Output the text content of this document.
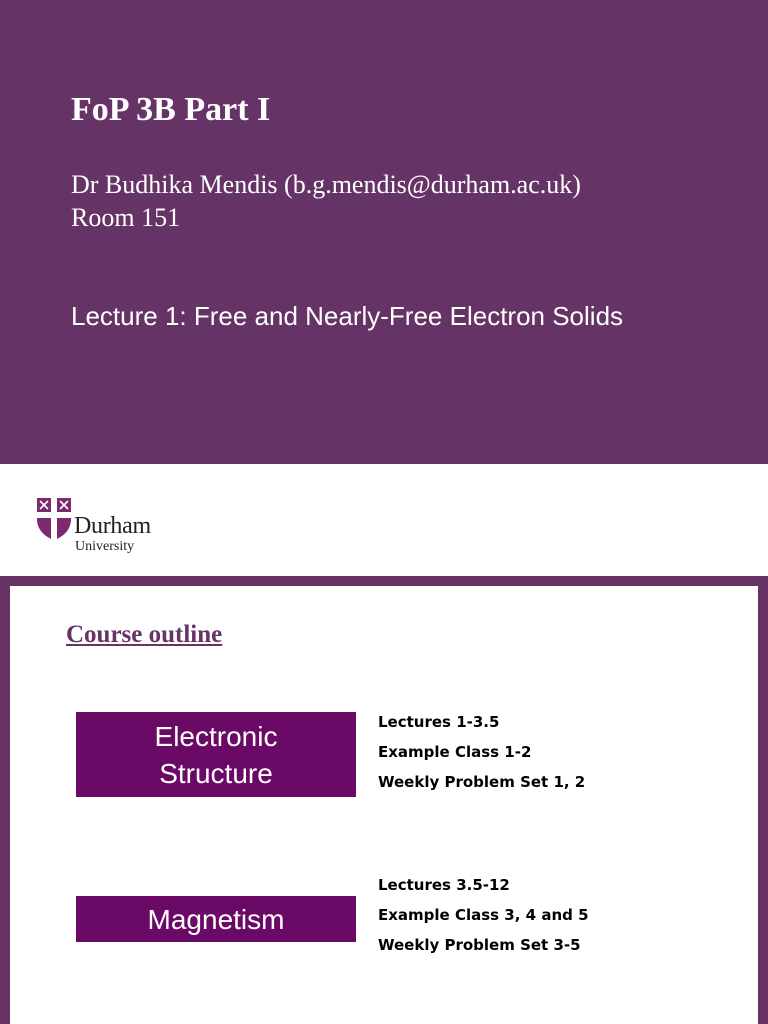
FoP 3B Part I
Dr Budhika Mendis (b.g.mendis@durham.ac.uk)
Room 151
Lecture 1: Free and Nearly-Free Electron Solids
Durham
University
Course outline
Electronic
Structure
Lectures 1-3.5
Example Class 1-2
Weekly Problem Set 1, 2
Magnetism
Lectures 3.5-12
Example Class 3, 4 and 5
Weekly Problem Set 3-5
